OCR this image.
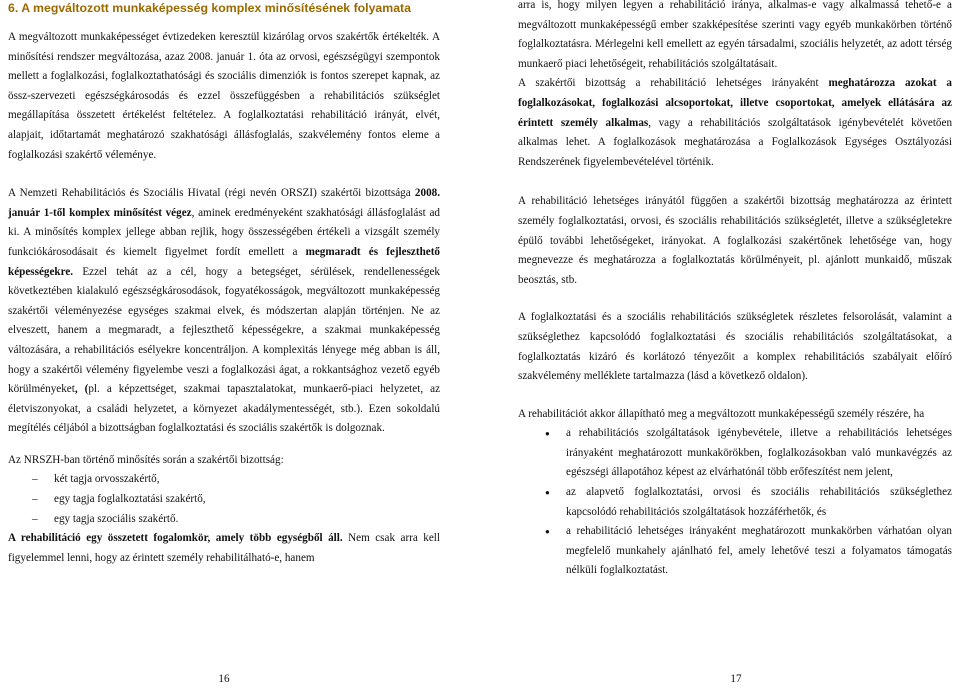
6. A megváltozott munkaképesség komplex minősítésének folyamata

A megváltozott munkaképességet évtizedeken keresztül kizárólag orvos szakértők értékelték. A minősítési rendszer megváltozása, azaz 2008. január 1. óta az orvosi, egészségügyi szempontok mellett a foglalkozási, foglalkoztathatósági és szociális dimenziók is fontos szerepet kapnak, az össz-szervezeti egészségkárosodás és ezzel összefüggésben a rehabilitációs szükséglet megállapítása összetett értékelést feltételez. A foglalkoztatási rehabilitáció irányát, elvét, alapjait, időtartamát meghatározó szakhatósági állásfoglalás, szakvélemény fontos eleme a foglalkozási szakértő véleménye.

A Nemzeti Rehabilitációs és Szociális Hivatal (régi nevén ORSZI) szakértői bizottsága 2008. január 1-től komplex minősítést végez, aminek eredményeként szakhatósági állásfoglalást ad ki. A minősítés komplex jellege abban rejlik, hogy összességében értékeli a vizsgált személy funkciókárosodásait és kiemelt figyelmet fordít emellett a megmaradt és fejleszthető képességekre. Ezzel tehát az a cél, hogy a betegséget, sérülések, rendellenességek következtében kialakuló egészségkárosodások, fogyatékosságok, megváltozott munkaképesség szakértői véleményezése egységes szakmai elvek, és módszertan alapján történjen. Ne az elveszett, hanem a megmaradt, a fejleszthető képességekre, a szakmai munkaképesség változására, a rehabilitációs esélyekre koncentráljon. A komplexitás lényege még abban is áll, hogy a szakértői vélemény figyelembe veszi a foglalkozási ágat, a rokkantsághoz vezető egyéb körülményeket, (pl. a képzettséget, szakmai tapasztalatokat, munkaerő-piaci helyzetet, az életviszonyokat, a családi helyzetet, a környezet akadálymentességét, stb.). Ezen sokoldalú megítélés céljából a bizottságban foglalkoztatási és szociális szakértők is dolgoznak.

Az NRSZH-ban történő minősítés során a szakértői bizottság:

– két tagja orvosszakértő,
– egy tagja foglalkoztatási szakértő,
– egy tagja szociális szakértő.

A rehabilitáció egy összetett fogalomkör, amely több egységből áll. Nem csak arra kell figyelemmel lenni, hogy az érintett személy rehabilitálható-e, hanem

arra is, hogy milyen legyen a rehabilitáció iránya, alkalmas-e vagy alkalmassá tehető-e a megváltozott munkaképességű ember szakképesítése szerinti vagy egyéb munkakörben történő foglalkoztatásra. Mérlegelni kell emellett az egyén társadalmi, szociális helyzetét, az adott térség munkaerő piaci lehetőségeit, rehabilitációs szolgáltatásait.

A szakértői bizottság a rehabilitáció lehetséges irányaként meghatározza azokat a foglalkozásokat, foglalkozási alcsoportokat, illetve csoportokat, amelyek ellátására az érintett személy alkalmas, vagy a rehabilitációs szolgáltatások igénybevételét követően alkalmas lehet. A foglalkozások meghatározása a Foglalkozások Egységes Osztályozási Rendszerének figyelembevételével történik.

A rehabilitáció lehetséges irányától függően a szakértői bizottság meghatározza az érintett személy foglalkoztatási, orvosi, és szociális rehabilitációs szükségletét, illetve a szükségletekre épülő további lehetőségeket, irányokat. A foglalkozási szakértőnek lehetősége van, hogy megnevezze és meghatározza a foglalkoztatás körülményeit, pl. ajánlott munkaidő, műszak beosztás, stb.

A foglalkoztatási és a szociális rehabilitációs szükségletek részletes felsorolását, valamint a szükséglethez kapcsolódó foglalkoztatási és szociális rehabilitációs szolgáltatásokat, a foglalkoztatás kizáró és korlátozó tényezőit a komplex rehabilitációs szabályait előíró szakvélemény melléklete tartalmazza (lásd a következő oldalon).

A rehabilitációt akkor állapítható meg a megváltozott munkaképességű személy részére, ha

● a rehabilitációs szolgáltatások igénybevétele, illetve a rehabilitációs lehetséges irányaként meghatározott munkakörökben, foglalkozásokban való munkavégzés az egészségi állapotához képest az elvárhatónál több erőfeszítést nem jelent,
● az alapvető foglalkoztatási, orvosi és szociális rehabilitációs szükséglethez kapcsolódó rehabilitációs szolgáltatások hozzáférhetők, és
● a rehabilitáció lehetséges irányaként meghatározott munkakörben várhatóan olyan megfelelő munkahely ajánlható fel, amely lehetővé teszi a folyamatos támogatás nélküli foglalkoztatást.
16	17
